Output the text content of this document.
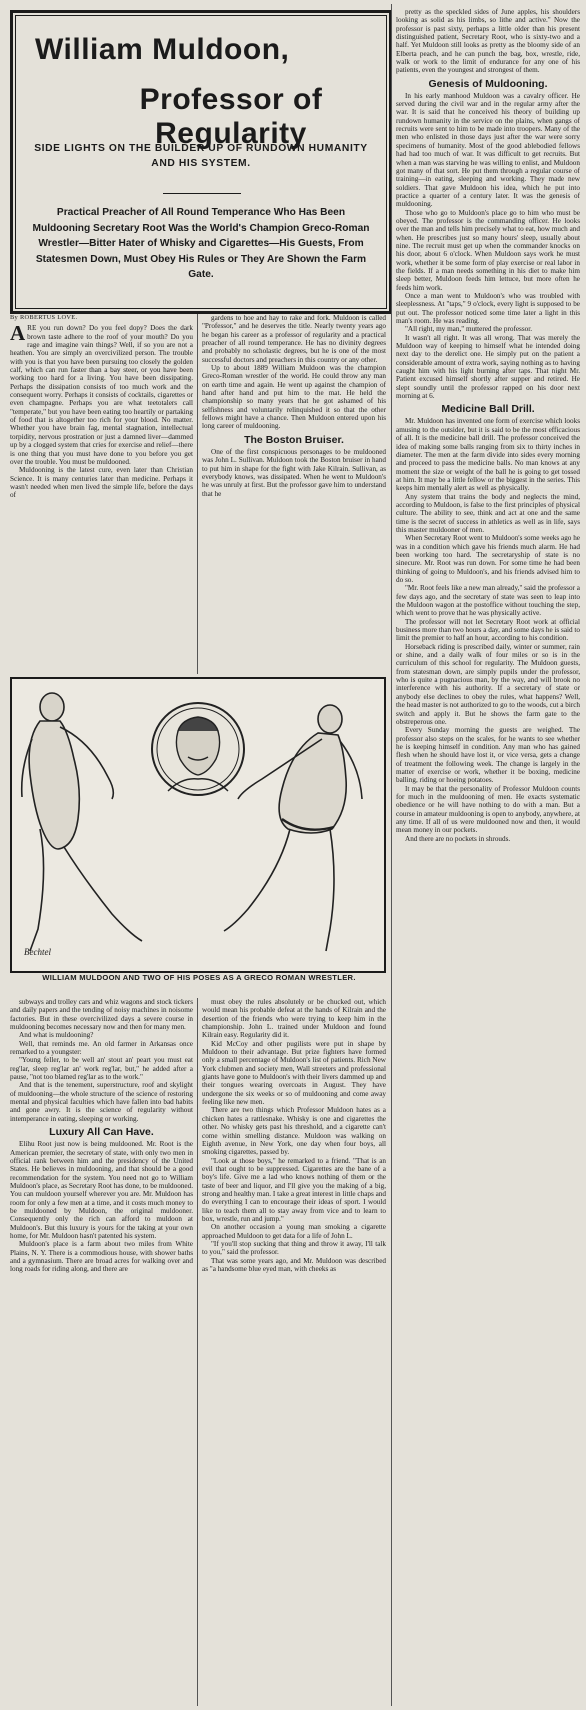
William Muldoon,
Professor of Regularity
SIDE LIGHTS ON THE BUILDER UP OF RUNDOWN HUMANITY AND HIS SYSTEM.
Practical Preacher of All Round Temperance Who Has Been Muldooning Secretary Root Was the World's Champion Greco-Roman Wrestler—Bitter Hater of Whisky and Cigarettes—His Guests, From Statesmen Down, Must Obey His Rules or They Are Shown the Farm Gate.

By ROBERTUS LOVE.

ARE you run down? Do you feel dopy? Does the dark brown taste adhere to the roof of your mouth? Do you rage and imagine vain things? Well, if so you are not a heathen. You are simply an overcivilized person. The trouble with you is that you have been pursuing too closely the golden calf, which can run faster than a bay steer, or you have been working too hard for a living. You have been dissipating. Perhaps the dissipation consists of too much work and the consequent worry. Perhaps it consists of cocktails, cigarettes or even champagne. Perhaps you are what teetotalers call "temperate," but you have been eating too heartily or partaking of food that is altogether too rich for your blood. No matter. Whether you have brain fag, mental stagnation, intellectual torpidity, nervous prostration or just a damned liver—dammed up by a clogged system that cries for exercise and relief—there is one thing that you must have done to you before you get over the trouble. You must be muldooned.

Muldooning is the latest cure, even later than Christian Science. It is many centuries later than medicine. Perhaps it wasn't needed when men lived the simple life, before the days of

gardens to hoe and hay to rake and fork. Muldoon is called "Professor," and he deserves the title. Nearly twenty years ago he began his career as a professor of regularity and a practical preacher of all round temperance. He has no divinity degrees and probably no scholastic degrees, but he is one of the most successful doctors and preachers in this country or any other.

Up to about 1889 William Muldoon was the champion Greco-Roman wrestler of the world. He could throw any man on earth time and again. He went up against the champion of hand after hand and put him to the mat. He held the championship so many years that he got ashamed of his selfishness and voluntarily relinquished it so that the other fellows might have a chance. Then Muldoon entered upon his long career of muldooning.

The Boston Bruiser.

One of the first conspicuous personages to be muldooned was John L. Sullivan. Muldoon took the Boston bruiser in hand to put him in shape for the fight with Jake Kilrain. Sullivan, as everybody knows, was dissipated. When he went to Muldoon's he was unruly at first. But the professor gave him to understand that he

Bechtel
WILLIAM MULDOON AND TWO OF HIS POSES AS A GRECO ROMAN WRESTLER.

subways and trolley cars and whiz wagons and stock tickers and daily papers and the tending of noisy machines in noisome factories. But in these overcivilized days a severe course in muldooning becomes necessary now and then for many men.

And what is muldooning?

Well, that reminds me. An old farmer in Arkansas once remarked to a youngster:

"Young feller, to be well an' stout an' peart you must eat reg'lar, sleep reg'lar an' work reg'lar, but," he added after a pause, "not too blamed reg'lar as to the work."

And that is the tenement, superstructure, roof and skylight of muldooning—the whole structure of the science of restoring mental and physical faculties which have fallen into bad habits and gone awry. It is the science of regularity without intemperance in eating, sleeping or working.

Luxury All Can Have.

Elihu Root just now is being muldooned. Mr. Root is the American premier, the secretary of state, with only two men in official rank between him and the presidency of the United States. He believes in muldooning, and that should be a good recommendation for the system. You need not go to William Muldoon's place, as Secretary Root has done, to be muldooned. You can muldoon yourself wherever you are. Mr. Muldoon has room for only a few men at a time, and it costs much money to be muldooned by Muldoon, the original muldooner. Consequently only the rich can afford to muldoon at Muldoon's. But this luxury is yours for the taking at your own home, for Mr. Muldoon hasn't patented his system.

Muldoon's place is a farm about two miles from White Plains, N. Y. There is a commodious house, with shower baths and a gymnasium. There are broad acres for walking over and long roads for riding along, and there are

must obey the rules absolutely or be chucked out, which would mean his probable defeat at the hands of Kilrain and the desertion of the friends who were trying to keep him in the championship. John L. trained under Muldoon and found Kilrain easy. Regularity did it.

Kid McCoy and other pugilists were put in shape by Muldoon to their advantage. But prize fighters have formed only a small percentage of Muldoon's list of patients. Rich New York clubmen and society men, Wall streeters and professional giants have gone to Muldoon's with their livers dammed up and their tongues wearing overcoats in August. They have undergone the six weeks or so of muldooning and come away feeling like new men.

There are two things which Professor Muldoon hates as a chicken hates a rattlesnake. Whisky is one and cigarettes the other. No whisky gets past his threshold, and a cigarette can't come within smelling distance. Muldoon was walking on Eighth avenue, in New York, one day when four boys, all smoking cigarettes, passed by.

"Look at those boys," he remarked to a friend. "That is an evil that ought to be suppressed. Cigarettes are the bane of a boy's life. Give me a lad who knows nothing of them or the taste of beer and liquor, and I'll give you the making of a big, strong and healthy man. I take a great interest in little chaps and do everything I can to encourage their ideas of sport. I would like to teach them all to stay away from vice and to learn to box, wrestle, run and jump."

On another occasion a young man smoking a cigarette approached Muldoon to get data for a life of John L.

"If you'll stop sucking that thing and throw it away, I'll talk to you," said the professor.

That was some years ago, and Mr. Muldoon was described as "a handsome blue eyed man, with cheeks as

pretty as the speckled sides of June apples, his shoulders looking as solid as his limbs, so lithe and active." Now the professor is past sixty, perhaps a little older than his present distinguished patient, Secretary Root, who is sixty-two and a half. Yet Muldoon still looks as pretty as the bloomy side of an Elberta peach, and he can punch the bag, box, wrestle, ride, walk or work to the limit of endurance for any one of his patients, even the youngest and strongest of them.

Genesis of Muldooning.

In his early manhood Muldoon was a cavalry officer. He served during the civil war and in the regular army after the war. It is said that he conceived his theory of building up rundown humanity in the service on the plains, when gangs of recruits were sent to him to be made into troopers. Many of the men who enlisted in those days just after the war were sorry specimens of humanity. Most of the good ablebodied fellows had had too much of war. It was difficult to get recruits. But when a man was starving he was willing to enlist, and Muldoon got many of that sort. He put them through a regular course of training—in eating, sleeping and working. They made new soldiers. That gave Muldoon his idea, which he put into practice a quarter of a century later. It was the genesis of muldooning.

Those who go to Muldoon's place go to him who must be obeyed. The professor is the commanding officer. He looks over the man and tells him precisely what to eat, how much and when. He prescribes just so many hours' sleep, usually about nine. The recruit must get up when the commander knocks on his door, about 6 o'clock. When Muldoon says work he must work, whether it be some form of play exercise or real labor in the fields. If a man needs something in his diet to make him sleep better, Muldoon feeds him lettuce, but more often he feeds him work.

Once a man went to Muldoon's who was troubled with sleeplessness. At "taps," 9 o'clock, every light is supposed to be put out. The professor noticed some time later a light in this man's room. He was reading.

"All right, my man," muttered the professor.

It wasn't all right. It was all wrong. That was merely the Muldoon way of keeping to himself what he intended doing next day to the derelict one. He simply put on the patient a considerable amount of extra work, saying nothing as to having caught him with his light burning after taps. That night Mr. Patient excused himself shortly after supper and retired. He slept soundly until the professor rapped on his door next morning at 6.

Medicine Ball Drill.

Mr. Muldoon has invented one form of exercise which looks amusing to the outsider, but it is said to be the most efficacious of all. It is the medicine ball drill. The professor conceived the idea of making some balls ranging from six to thirty inches in diameter. The men at the farm divide into sides every morning and proceed to pass the medicine balls. No man knows at any moment the size or weight of the ball he is going to get tossed at him. It may be a little fellow or the biggest in the series. This keeps him mentally alert as well as physically.

Any system that trains the body and neglects the mind, according to Muldoon, is false to the first principles of physical culture. The ability to see, think and act at one and the same time is the secret of success in athletics as well as in life, says this master muldooner of men.

When Secretary Root went to Muldoon's some weeks ago he was in a condition which gave his friends much alarm. He had been working too hard. The secretaryship of state is no sinecure. Mr. Root was run down. For some time he had been thinking of going to Muldoon's, and his friends advised him to do so.

"Mr. Root feels like a new man already," said the professor a few days ago, and the secretary of state was seen to leap into the Muldoon wagon at the postoffice without touching the step, which went to prove that he was physically active.

The professor will not let Secretary Root work at official business more than two hours a day, and some days he is said to limit the premier to half an hour, according to his condition.

Horseback riding is prescribed daily, winter or summer, rain or shine, and a daily walk of four miles or so is in the curriculum of this school for regularity. The Muldoon guests, from statesman down, are simply pupils under the professor, who is quite a pugnacious man, by the way, and will brook no interference with his authority. If a secretary of state or anybody else declines to obey the rules, what happens? Well, the head master is not authorized to go to the woods, cut a birch switch and apply it. But he shows the farm gate to the obstreperous one.

Every Sunday morning the guests are weighed. The professor also steps on the scales, for he wants to see whether he is keeping himself in condition. Any man who has gained flesh when he should have lost it, or vice versa, gets a change of treatment the following week. The change is largely in the matter of exercise or work, whether it be boxing, medicine balling, riding or hoeing potatoes.

It may be that the personality of Professor Muldoon counts for much in the muldooning of men. He exacts systematic obedience or he will have nothing to do with a man. But a course in amateur muldooning is open to anybody, anywhere, at any time. If all of us were muldooned now and then, it would mean money in our pockets.

And there are no pockets in shrouds.
